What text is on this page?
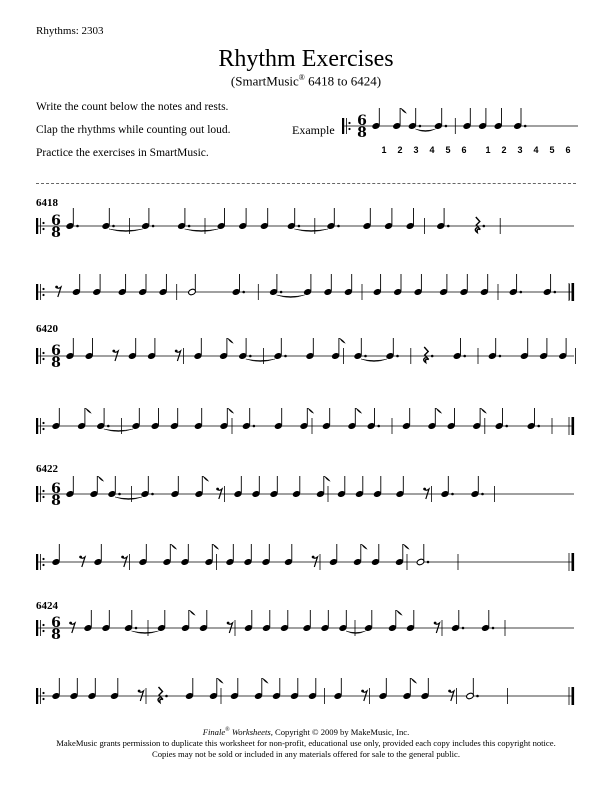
Rhythms: 2303
Rhythm Exercises
(SmartMusic® 6418 to 6424)
Write the count below the notes and rests.
Clap the rhythms while counting out loud.
Practice the exercises in SmartMusic.
Example
6
8
1 2 3 4 5 6 1 2 3 4 5 6
6418
6420
6422
6424
6
8
6
8
6
8
6
8
Finale® Worksheets, Copyright © 2009 by MakeMusic, Inc.
MakeMusic grants permission to duplicate this worksheet for non-profit, educational use only, provided each copy includes this copyright notice.
Copies may not be sold or included in any materials offered for sale to the general public.
